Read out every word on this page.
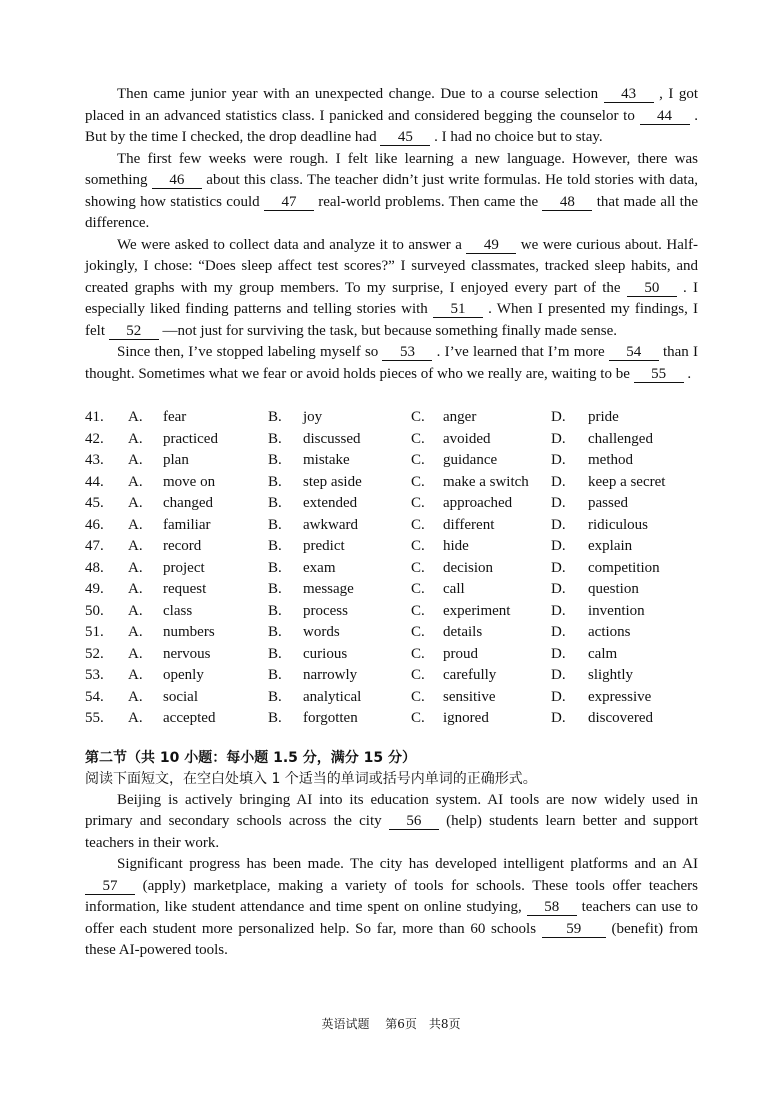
Then came junior year with an unexpected change. Due to a course selection 43 , I got placed in an advanced statistics class. I panicked and considered begging the counselor to 44 . But by the time I checked, the drop deadline had 45 . I had no choice but to stay.

The first few weeks were rough. I felt like learning a new language. However, there was something 46 about this class. The teacher didn’t just write formulas. He told stories with data, showing how statistics could 47 real-world problems. Then came the 48 that made all the difference.

We were asked to collect data and analyze it to answer a 49 we were curious about. Half-jokingly, I chose: “Does sleep affect test scores?” I surveyed classmates, tracked sleep habits, and created graphs with my group members. To my surprise, I enjoyed every part of the 50 . I especially liked finding patterns and telling stories with 51 . When I presented my findings, I felt 52 —not just for surviving the task, but because something finally made sense.

Since then, I’ve stopped labeling myself so 53 . I’ve learned that I’m more 54 than I thought. Sometimes what we fear or avoid holds pieces of who we really are, waiting to be 55 .

41. A. fear	B. joy	C. anger	D. pride
42. A. practiced	B. discussed	C. avoided	D. challenged
43. A. plan	B. mistake	C. guidance	D. method
44. A. move on	B. step aside	C. make a switch D. keep a secret
45. A. changed	B. extended	C. approached	D. passed
46. A. familiar	B. awkward	C. different	D. ridiculous
47. A. record	B. predict	C. hide	D. explain
48. A. project	B. exam	C. decision	D. competition
49. A. request	B. message	C. call	D. question
50. A. class	B. process	C. experiment	D. invention
51. A. numbers	B. words	C. details	D. actions
52. A. nervous	B. curious	C. proud	D. calm
53. A. openly	B. narrowly	C. carefully	D. slightly
54. A. social	B. analytical	C. sensitive	D. expressive
55. A. accepted	B. forgotten	C. ignored	D. discovered
第二节（共 10 小题：每小题 1.5 分，满分 15 分）
阅读下面短文，在空白处填入 1 个适当的单词或括号内单词的正确形式。

Beijing is actively bringing AI into its education system. AI tools are now widely used in primary and secondary schools across the city 56 (help) students learn better and support teachers in their work.

Significant progress has been made. The city has developed intelligent platforms and an AI 57 (apply) marketplace, making a variety of tools for schools. These tools offer teachers information, like student attendance and time spent on online studying, 58 teachers can use to offer each student more personalized help. So far, more than 60 schools 59 (benefit) from these AI-powered tools.

英语试题　 第6页　共8页
